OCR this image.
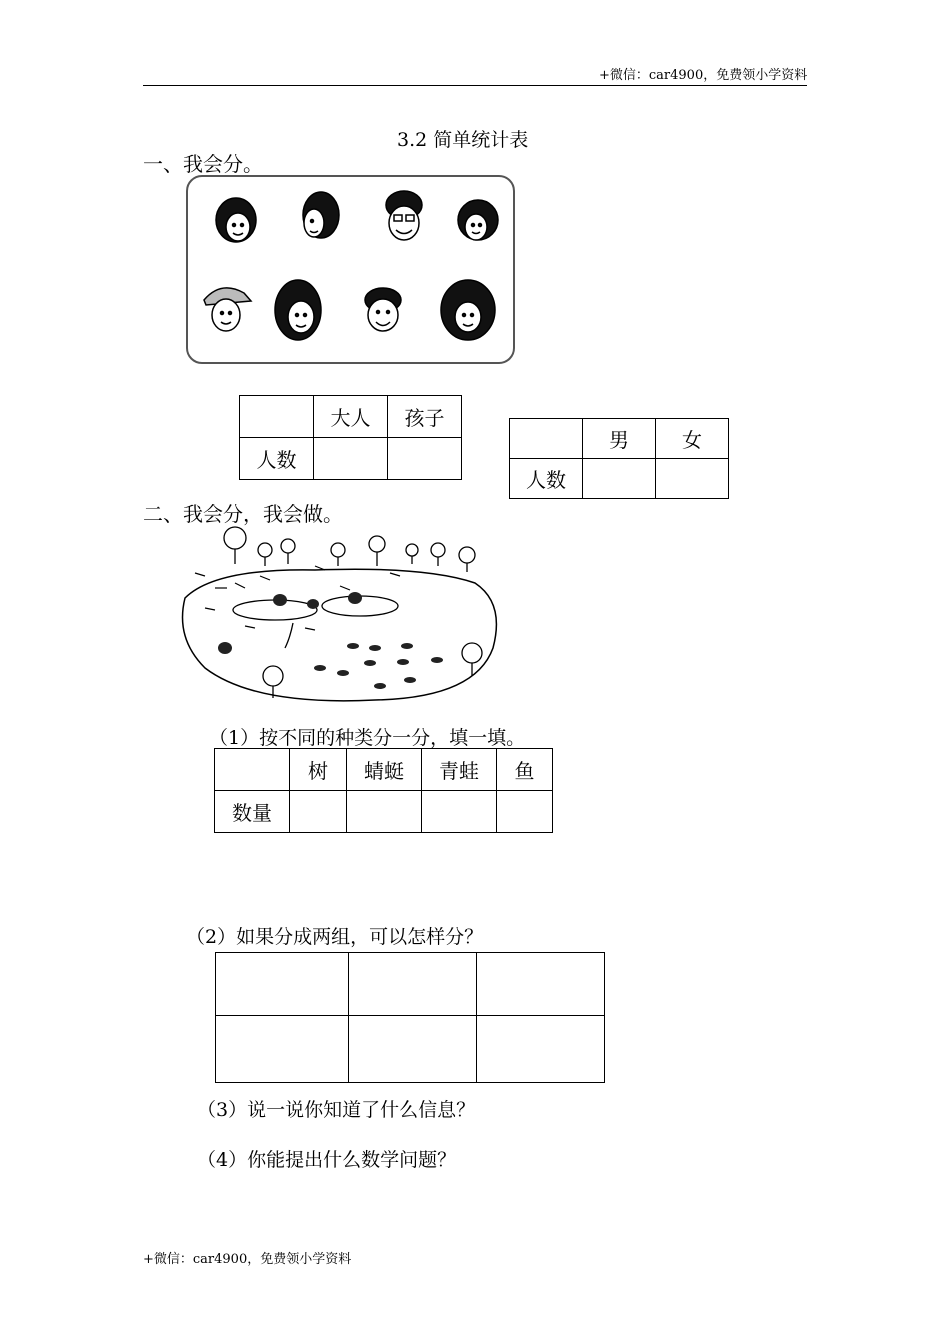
+微信：car4900，免费领小学资料
3.2 简单统计表
一、我会分。
	大人	孩子
人数		
	男	女
人数		
二、我会分，我会做。
（1）按不同的种类分一分，填一填。
	树	蜻蜓	青蛙	鱼
数量				
（2）如果分成两组，可以怎样分？

（3）说一说你知道了什么信息？
（4）你能提出什么数学问题？
+微信：car4900，免费领小学资料
